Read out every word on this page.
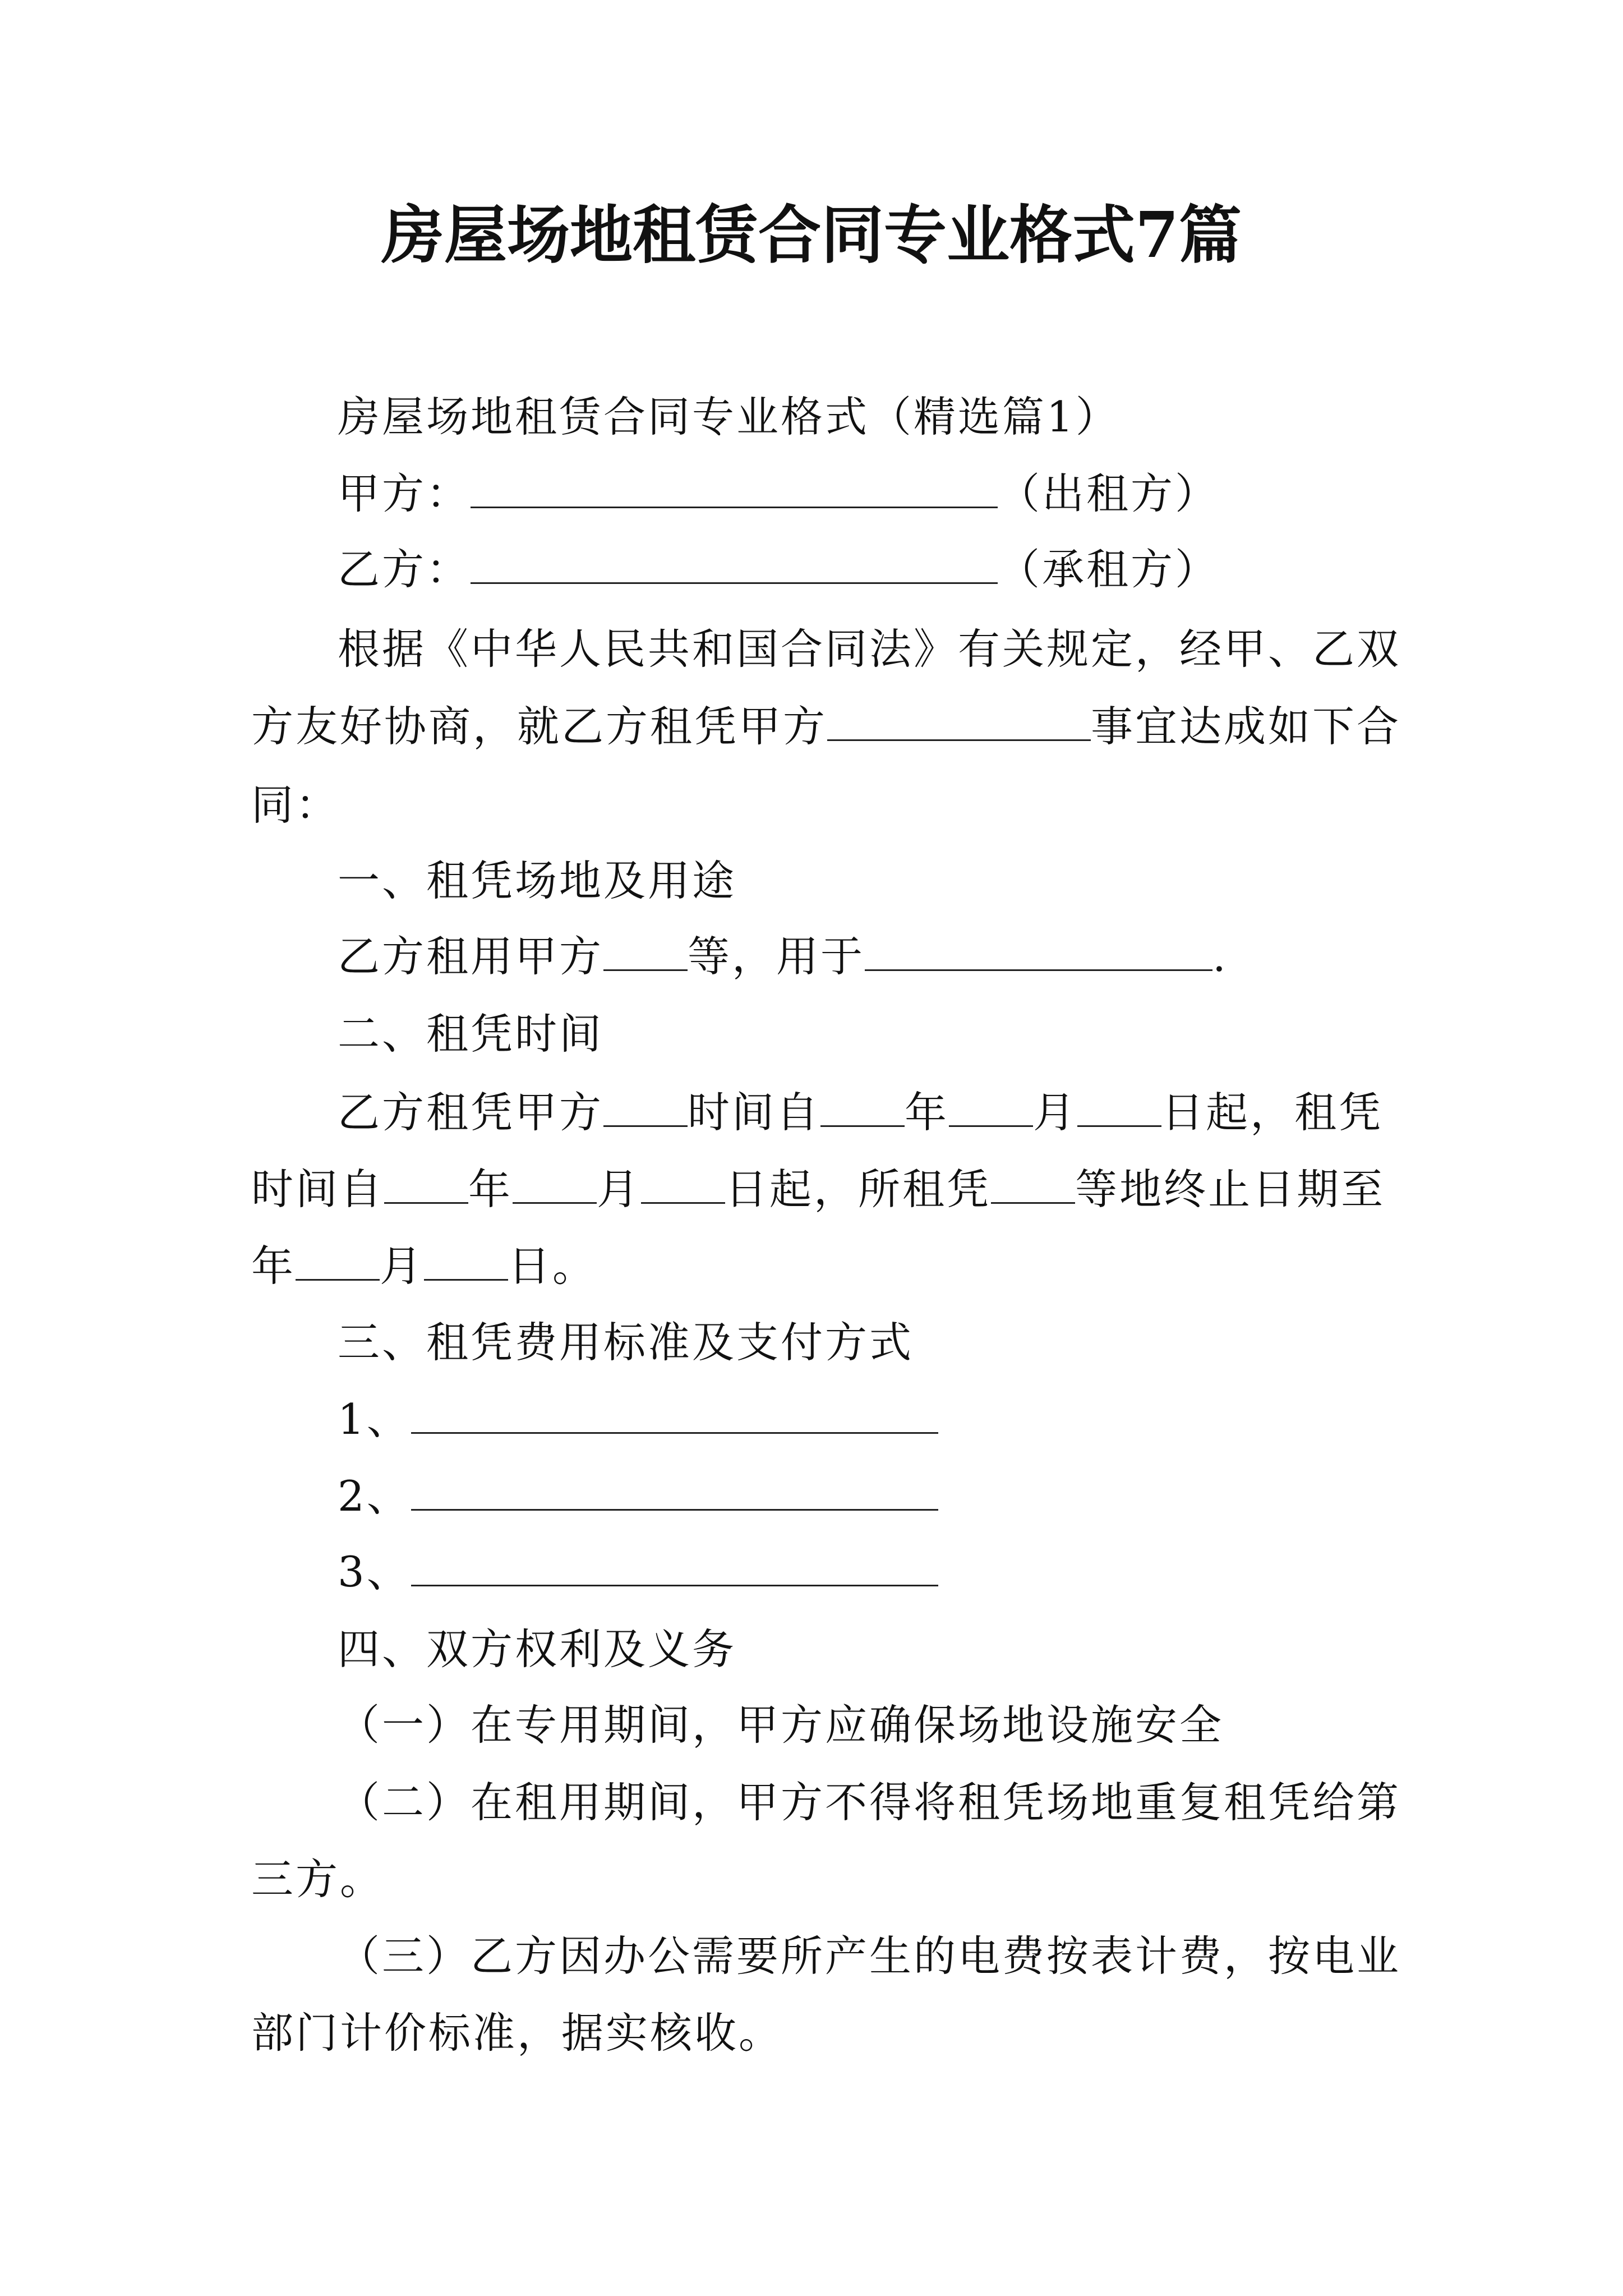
房屋场地租赁合同专业格式7篇
房屋场地租赁合同专业格式（精选篇1）
甲方：	（出租方）
乙方：	（承租方）
根据《中华人民共和国合同法》有关规定，经甲、乙双
方友好协商，就乙方租凭甲方	事宜达成如下合
同：
一、租凭场地及用途
乙方租用甲方 等，用于	.
二、租凭时间
乙方租凭甲方 时间自 年 月 日起，租凭
时间自 年 月 日起，所租凭 等地终止日期至
年 月 日。
三、租凭费用标准及支付方式
1、
2、
3、
四、双方权利及义务
（一）在专用期间，甲方应确保场地设施安全
（二）在租用期间，甲方不得将租凭场地重复租凭给第
三方。
（三）乙方因办公需要所产生的电费按表计费，按电业
部门计价标准，据实核收。
